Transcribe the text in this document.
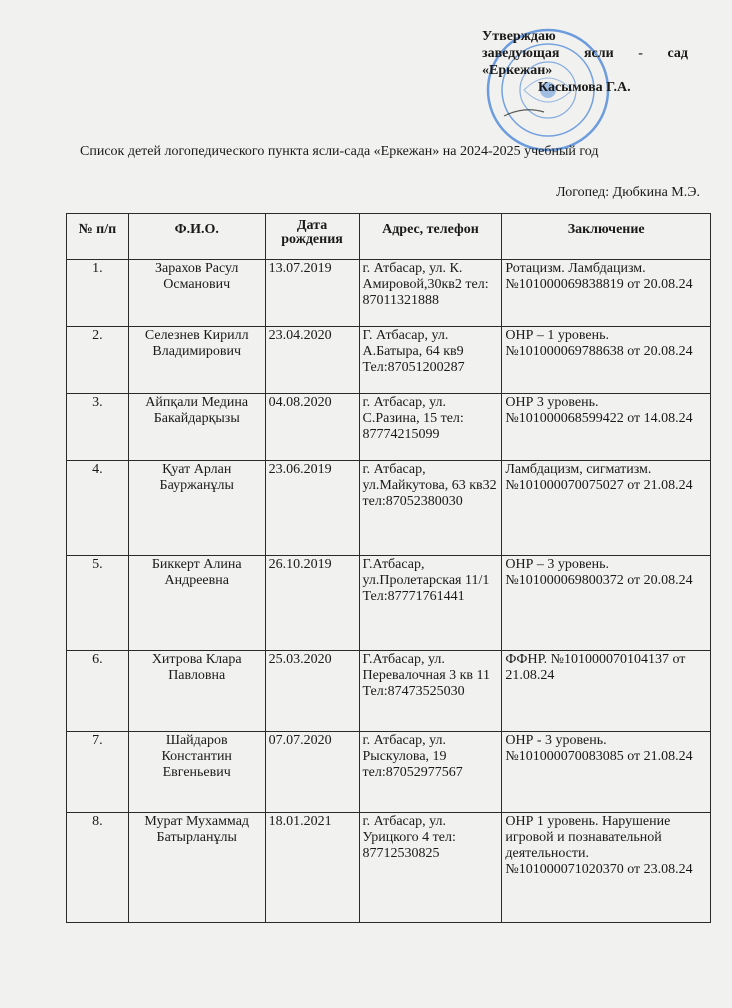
Утверждаю
заведующая ясли - сад
«Еркежан»
Касымова Г.А.
Список детей логопедического пункта ясли-сада «Еркежан» на 2024-2025 учебный год
Логопед: Дюбкина М.Э.
№ п/п	Ф.И.О.	Дата рождения	Адрес, телефон	Заключение
1.	Зарахов Расул Османович	13.07.2019	г. Атбасар, ул. К. Амировой,30кв2 тел: 87011321888	Ротацизм. Ламбдацизм. №101000069838819 от 20.08.24
2.	Селезнев Кирилл Владимирович	23.04.2020	Г. Атбасар, ул. А.Батыра, 64 кв9 Тел:87051200287	ОНР – 1 уровень. №101000069788638 от 20.08.24
3.	Айпқали Медина Бакайдарқызы	04.08.2020	г. Атбасар, ул. С.Разина, 15 тел: 87774215099	ОНР 3 уровень. №101000068599422 от 14.08.24
4.	Қуат Арлан Бауржанұлы	23.06.2019	г. Атбасар, ул.Майкутова, 63 кв32 тел:87052380030	Ламбдацизм, сигматизм. №101000070075027 от 21.08.24
5.	Биккерт Алина Андреевна	26.10.2019	Г.Атбасар, ул.Пролетарская 11/1 Тел:87771761441	ОНР – 3 уровень. №101000069800372 от 20.08.24
6.	Хитрова Клара Павловна	25.03.2020	Г.Атбасар, ул. Перевалочная 3 кв 11 Тел:87473525030	ФФНР. №101000070104137 от 21.08.24
7.	Шайдаров Константин Евгеньевич	07.07.2020	г. Атбасар, ул. Рыскулова, 19 тел:87052977567	ОНР - 3 уровень. №101000070083085 от 21.08.24
8.	Мурат Мухаммад Батырланұлы	18.01.2021	г. Атбасар, ул. Урицкого 4 тел: 87712530825	ОНР 1 уровень. Нарушение игровой и познавательной деятельности. №101000071020370 от 23.08.24
